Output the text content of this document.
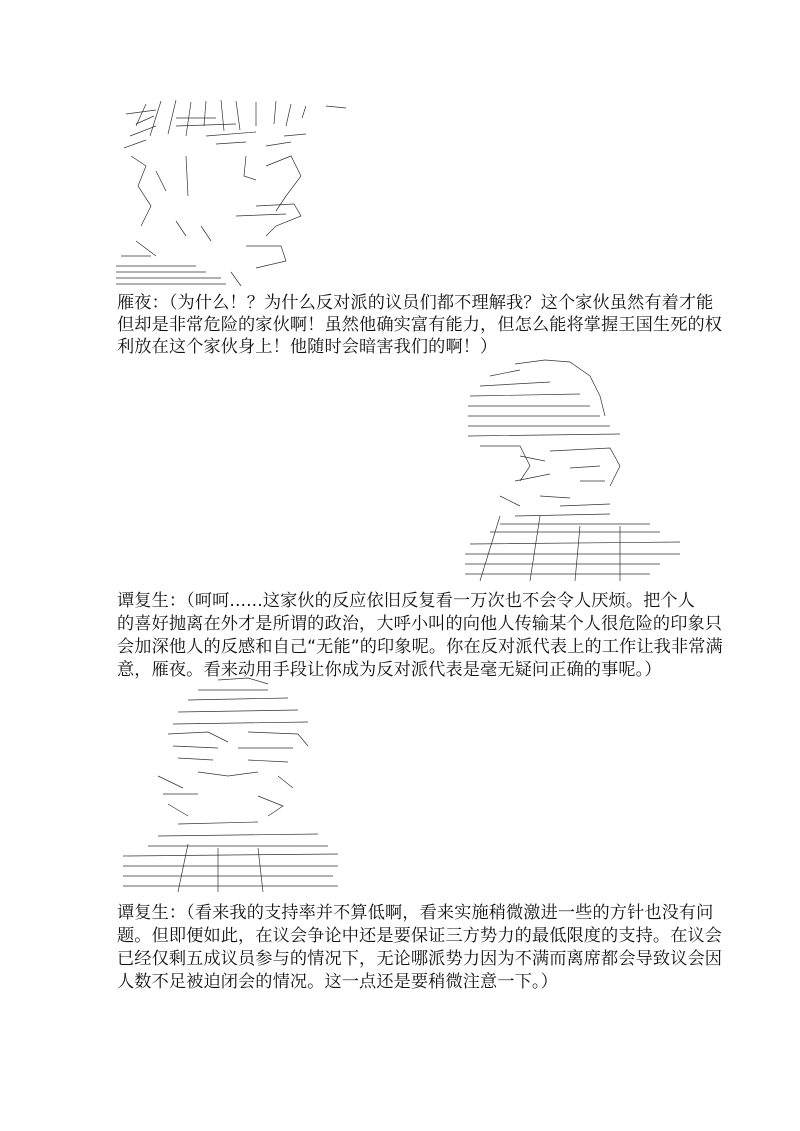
雁夜：（为什么！？为什么反对派的议员们都不理解我？这个家伙虽然有着才能
但却是非常危险的家伙啊！虽然他确实富有能力，但怎么能将掌握王国生死的权
利放在这个家伙身上！他随时会暗害我们的啊！）
谭复生：（呵呵......这家伙的反应依旧反复看一万次也不会令人厌烦。把个人
的喜好抛离在外才是所谓的政治，大呼小叫的向他人传输某个人很危险的印象只
会加深他人的反感和自己“无能”的印象呢。你在反对派代表上的工作让我非常满
意，雁夜。看来动用手段让你成为反对派代表是毫无疑问正确的事呢。）
谭复生：（看来我的支持率并不算低啊，看来实施稍微激进一些的方针也没有问
题。但即便如此，在议会争论中还是要保证三方势力的最低限度的支持。在议会
已经仅剩五成议员参与的情况下，无论哪派势力因为不满而离席都会导致议会因
人数不足被迫闭会的情况。这一点还是要稍微注意一下。）
